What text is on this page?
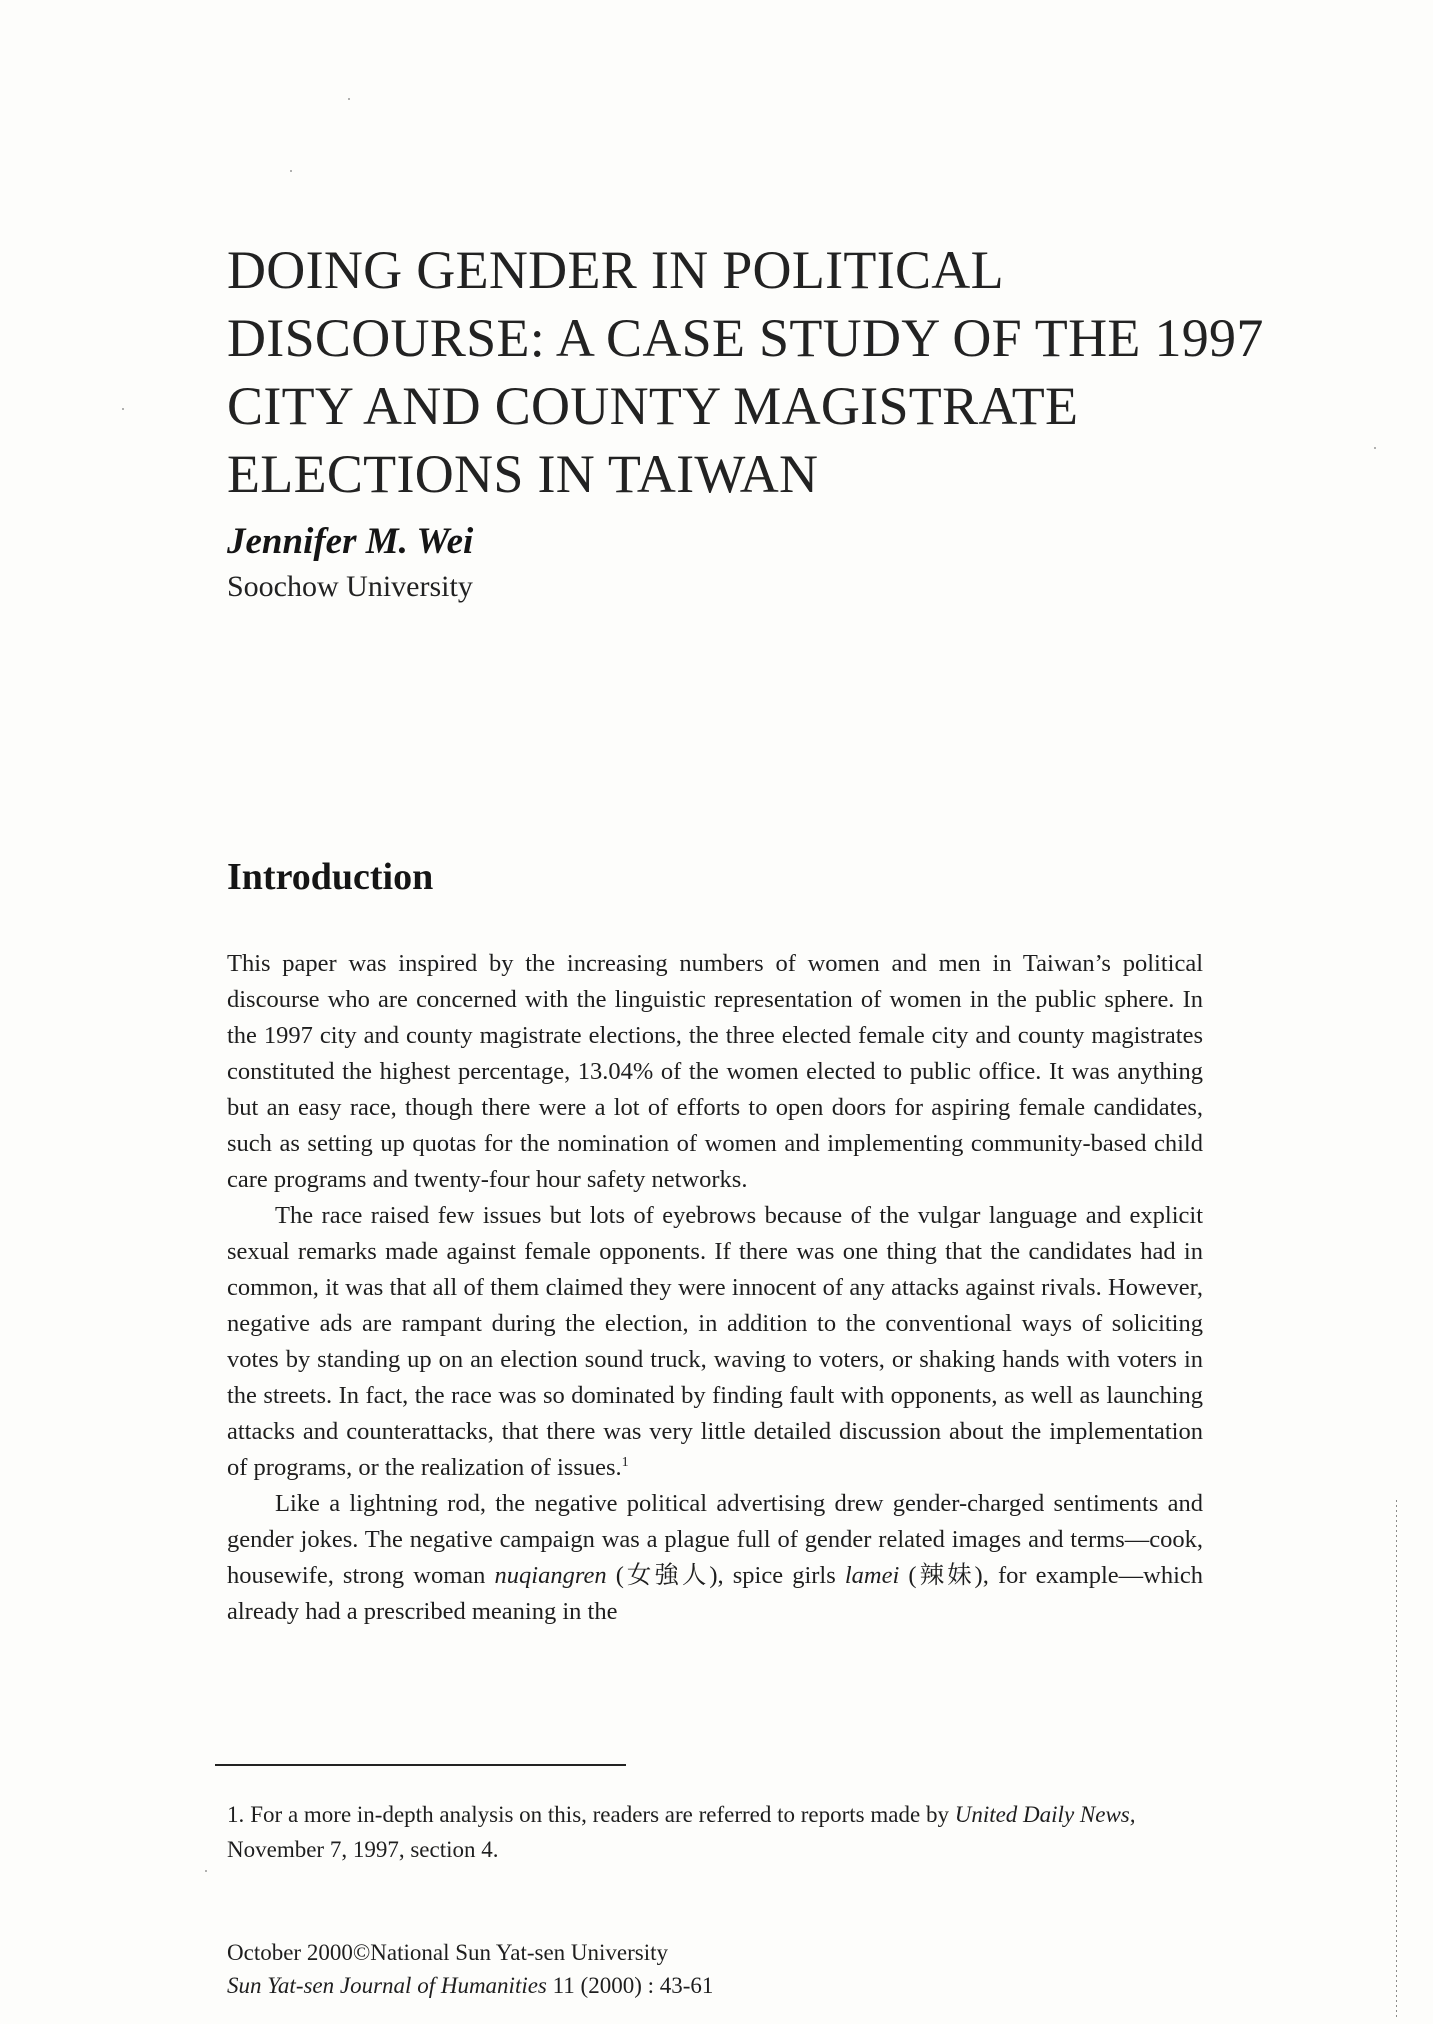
DOING GENDER IN POLITICAL
DISCOURSE: A CASE STUDY OF THE 1997
CITY AND COUNTY MAGISTRATE
ELECTIONS IN TAIWAN
Jennifer M. Wei
Soochow University
Introduction

This paper was inspired by the increasing numbers of women and men in Taiwan’s political discourse who are concerned with the linguistic representation of women in the public sphere. In the 1997 city and county magistrate elections, the three elected female city and county magistrates constituted the highest percentage, 13.04% of the women elected to public office. It was anything but an easy race, though there were a lot of efforts to open doors for aspiring female candidates, such as setting up quotas for the nomination of women and implementing community-based child care programs and twenty-four hour safety networks.

The race raised few issues but lots of eyebrows because of the vulgar language and explicit sexual remarks made against female opponents. If there was one thing that the candidates had in common, it was that all of them claimed they were innocent of any attacks against rivals. However, negative ads are rampant during the election, in addition to the conventional ways of soliciting votes by standing up on an election sound truck, waving to voters, or shaking hands with voters in the streets. In fact, the race was so dominated by finding fault with opponents, as well as launching attacks and counterattacks, that there was very little detailed discussion about the implementation of programs, or the realization of issues.$^1$

Like a lightning rod, the negative political advertising drew gender-charged sentiments and gender jokes. The negative campaign was a plague full of gender related images and terms—cook, housewife, strong woman nuqiangren (女強人), spice girls lamei (辣妹), for example—which already had a prescribed meaning in the

1. For a more in-depth analysis on this, readers are referred to reports made by United Daily News, November 7, 1997, section 4.
October 2000©National Sun Yat-sen University
Sun Yat-sen Journal of Humanities 11 (2000) : 43-61
